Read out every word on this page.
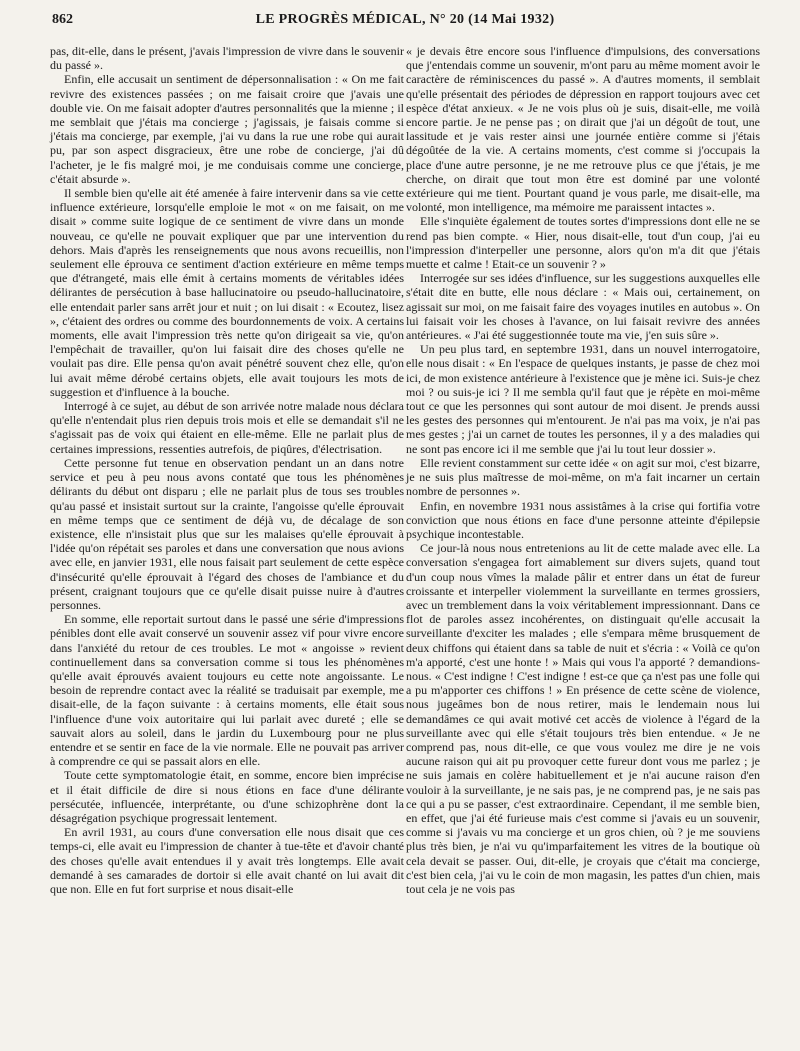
862	LE PROGRÈS MÉDICAL, N° 20 (14 Mai 1932)

pas, dit-elle, dans le présent, j'avais l'impression de vivre dans le souvenir du passé ».

Enfin, elle accusait un sentiment de dépersonnalisation : « On me fait revivre des existences passées ; on me faisait croire que j'avais une double vie. On me faisait adopter d'autres personnalités que la mienne ; il me semblait que j'étais ma concierge ; j'agissais, je faisais comme si j'étais ma concierge, par exemple, j'ai vu dans la rue une robe qui aurait pu, par son aspect disgracieux, être une robe de concierge, j'ai dû l'acheter, je le fis malgré moi, je me conduisais comme une concierge, c'était absurde ».

Il semble bien qu'elle ait été amenée à faire intervenir dans sa vie cette influence extérieure, lorsqu'elle emploie le mot « on me faisait, on me disait » comme suite logique de ce sentiment de vivre dans un monde nouveau, ce qu'elle ne pouvait expliquer que par une intervention du dehors. Mais d'après les renseignements que nous avons recueillis, non seulement elle éprouva ce sentiment d'action extérieure en même temps que d'étrangeté, mais elle émit à certains moments de véritables idées délirantes de persécution à base hallucinatoire ou pseudo-hallucinatoire, elle entendait parler sans arrêt jour et nuit ; on lui disait : « Ecoutez, lisez », c'étaient des ordres ou comme des bourdonnements de voix. A certains moments, elle avait l'impression très nette qu'on dirigeait sa vie, qu'on l'empêchait de travailler, qu'on lui faisait dire des choses qu'elle ne voulait pas dire. Elle pensa qu'on avait pénétré souvent chez elle, qu'on lui avait même dérobé certains objets, elle avait toujours les mots de suggestion et d'influence à la bouche.

Interrogé à ce sujet, au début de son arrivée notre malade nous déclara qu'elle n'entendait plus rien depuis trois mois et elle se demandait s'il ne s'agissait pas de voix qui étaient en elle-même. Elle ne parlait plus de certaines impressions, ressenties autrefois, de piqûres, d'électrisation.

Cette personne fut tenue en observation pendant un an dans notre service et peu à peu nous avons contaté que tous les phénomènes délirants du début ont disparu ; elle ne parlait plus de tous ses troubles qu'au passé et insistait surtout sur la crainte, l'angoisse qu'elle éprouvait en même temps que ce sentiment de déjà vu, de décalage de son existence, elle n'insistait plus que sur les malaises qu'elle éprouvait à l'idée qu'on répétait ses paroles et dans une conversation que nous avions avec elle, en janvier 1931, elle nous faisait part seulement de cette espèce d'insécurité qu'elle éprouvait à l'égard des choses de l'ambiance et du présent, craignant toujours que ce qu'elle disait puisse nuire à d'autres personnes.

En somme, elle reportait surtout dans le passé une série d'impressions pénibles dont elle avait conservé un souvenir assez vif pour vivre encore dans l'anxiété du retour de ces troubles. Le mot « angoisse » revient continuellement dans sa conversation comme si tous les phénomènes qu'elle avait éprouvés avaient toujours eu cette note angoissante. Le besoin de reprendre contact avec la réalité se traduisait par exemple, me disait-elle, de la façon suivante : à certains moments, elle était sous l'influence d'une voix autoritaire qui lui parlait avec dureté ; elle se sauvait alors au soleil, dans le jardin du Luxembourg pour ne plus entendre et se sentir en face de la vie normale. Elle ne pouvait pas arriver à comprendre ce qui se passait alors en elle.

Toute cette symptomatologie était, en somme, encore bien imprécise et il était difficile de dire si nous étions en face d'une délirante persécutée, influencée, interprétante, ou d'une schizophrène dont la désagrégation psychique progressait lentement.

En avril 1931, au cours d'une conversation elle nous disait que ces temps-ci, elle avait eu l'impression de chanter à tue-tête et d'avoir chanté des choses qu'elle avait entendues il y avait très longtemps. Elle avait demandé à ses camarades de dortoir si elle avait chanté on lui avait dit que non. Elle en fut fort surprise et nous disait-elle

« je devais être encore sous l'influence d'impulsions, des conversations que j'entendais comme un souvenir, m'ont paru au même moment avoir le caractère de réminiscences du passé ». A d'autres moments, il semblait qu'elle présentait des périodes de dépression en rapport toujours avec cet espèce d'état anxieux. « Je ne vois plus où je suis, disait-elle, me voilà encore partie. Je ne pense pas ; on dirait que j'ai un dégoût de tout, une lassitude et je vais rester ainsi une journée entière comme si j'étais dégoûtée de la vie. A certains moments, c'est comme si j'occupais la place d'une autre personne, je ne me retrouve plus ce que j'étais, je me cherche, on dirait que tout mon être est dominé par une volonté extérieure qui me tient. Pourtant quand je vous parle, me disait-elle, ma volonté, mon intelligence, ma mémoire me paraissent intactes ».

Elle s'inquiète également de toutes sortes d'impressions dont elle ne se rend pas bien compte. « Hier, nous disait-elle, tout d'un coup, j'ai eu l'impression d'interpeller une personne, alors qu'on m'a dit que j'étais muette et calme ! Etait-ce un souvenir ? »

Interrogée sur ses idées d'influence, sur les suggestions auxquelles elle s'était dite en butte, elle nous déclare : « Mais oui, certainement, on agissait sur moi, on me faisait faire des voyages inutiles en autobus ». On lui faisait voir les choses à l'avance, on lui faisait revivre des années antérieures. « J'ai été suggestionnée toute ma vie, j'en suis sûre ».

Un peu plus tard, en septembre 1931, dans un nouvel interrogatoire, elle nous disait : « En l'espace de quelques instants, je passe de chez moi ici, de mon existence antérieure à l'existence que je mène ici. Suis-je chez moi ? ou suis-je ici ? Il me sembla qu'il faut que je répète en moi-même tout ce que les personnes qui sont autour de moi disent. Je prends aussi les gestes des personnes qui m'entourent. Je n'ai pas ma voix, je n'ai pas mes gestes ; j'ai un carnet de toutes les personnes, il y a des maladies qui ne sont pas encore ici il me semble que j'ai lu tout leur dossier ».

Elle revient constamment sur cette idée « on agit sur moi, c'est bizarre, je ne suis plus maîtresse de moi-même, on m'a fait incarner un certain nombre de personnes ».

Enfin, en novembre 1931 nous assistâmes à la crise qui fortifia votre conviction que nous étions en face d'une personne atteinte d'épilepsie psychique incontestable.

Ce jour-là nous nous entretenions au lit de cette malade avec elle. La conversation s'engagea fort aimablement sur divers sujets, quand tout d'un coup nous vîmes la malade pâlir et entrer dans un état de fureur croissante et interpeller violemment la surveillante en termes grossiers, avec un tremblement dans la voix véritablement impressionnant. Dans ce flot de paroles assez incohérentes, on distinguait qu'elle accusait la surveillante d'exciter les malades ; elle s'empara même brusquement de deux chiffons qui étaient dans sa table de nuit et s'écria : « Voilà ce qu'on m'a apporté, c'est une honte ! » Mais qui vous l'a apporté ? demandions-nous. « C'est indigne ! C'est indigne ! est-ce que ça n'est pas une folle qui a pu m'apporter ces chiffons ! » En présence de cette scène de violence, nous jugeâmes bon de nous retirer, mais le lendemain nous lui demandâmes ce qui avait motivé cet accès de violence à l'égard de la surveillante avec qui elle s'était toujours très bien entendue. « Je ne comprend pas, nous dit-elle, ce que vous voulez me dire je ne vois aucune raison qui ait pu provoquer cette fureur dont vous me parlez ; je ne suis jamais en colère habituellement et je n'ai aucune raison d'en vouloir à la surveillante, je ne sais pas, je ne comprend pas, je ne sais pas ce qui a pu se passer, c'est extraordinaire. Cependant, il me semble bien, en effet, que j'ai été furieuse mais c'est comme si j'avais eu un souvenir, comme si j'avais vu ma concierge et un gros chien, où ? je me souviens plus très bien, je n'ai vu qu'imparfaitement les vitres de la boutique où cela devait se passer. Oui, dit-elle, je croyais que c'était ma concierge, c'est bien cela, j'ai vu le coin de mon magasin, les pattes d'un chien, mais tout cela je ne vois pas
